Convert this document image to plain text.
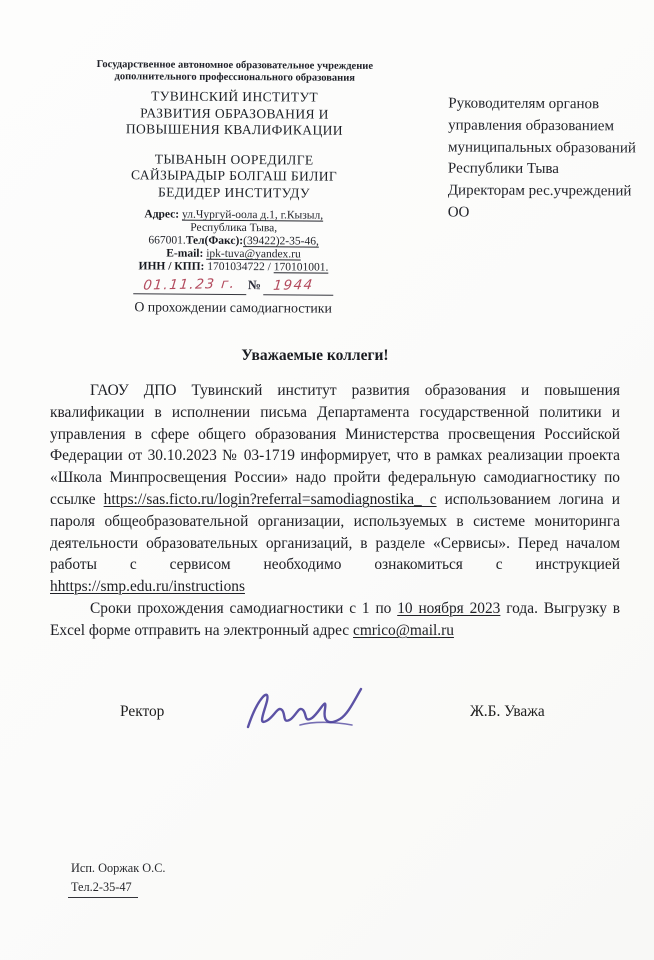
Государственное автономное образовательное учреждение дополнительного профессионального образования
ТУВИНСКИЙ ИНСТИТУТ
РАЗВИТИЯ ОБРАЗОВАНИЯ И
ПОВЫШЕНИЯ КВАЛИФИКАЦИИ
ТЫВАНЫН ООРЕДИЛГЕ
САЙЗЫРАДЫР БОЛГАШ БИЛИГ
БЕДИДЕР ИНСТИТУДУ
Адрес: ул.Чургуй-оола д.1, г.Кызыл,
Республика Тыва,
667001.Тел(Факс):(39422)2-35-46,
E-mail: ipk-tuva@yandex.ru
ИНН / КПП: 1701034722 / 170101001.
01.11.23 г. № 1944
О прохождении самодиагностики
Руководителям органов
управления образованием
муниципальных образований
Республики Тыва
Директорам рес.учреждений
ОО
Уважаемые коллеги!

ГАОУ ДПО Тувинский институт развития образования и повышения квалификации в исполнении письма Департамента государственной политики и управления в сфере общего образования Министерства просвещения Российской Федерации от 30.10.2023 № 03-1719 информирует, что в рамках реализации проекта «Школа Минпросвещения России» надо пройти федеральную самодиагностику по ссылке https://sas.ficto.ru/login?referral=samodiagnostika_ с использованием логина и пароля общеобразовательной организации, используемых в системе мониторинга деятельности образовательных организаций, в разделе «Сервисы». Перед началом работы с сервисом необходимо ознакомиться с инструкцией hhttps://smp.edu.ru/instructions

Сроки прохождения самодиагностики с 1 по 10 ноября 2023 года. Выгрузку в Excel форме отправить на электронный адрес cmrico@mail.ru

Ректор	Ж.Б. Уважа
Исп. Ооржак О.С.
Тел.2-35-47
